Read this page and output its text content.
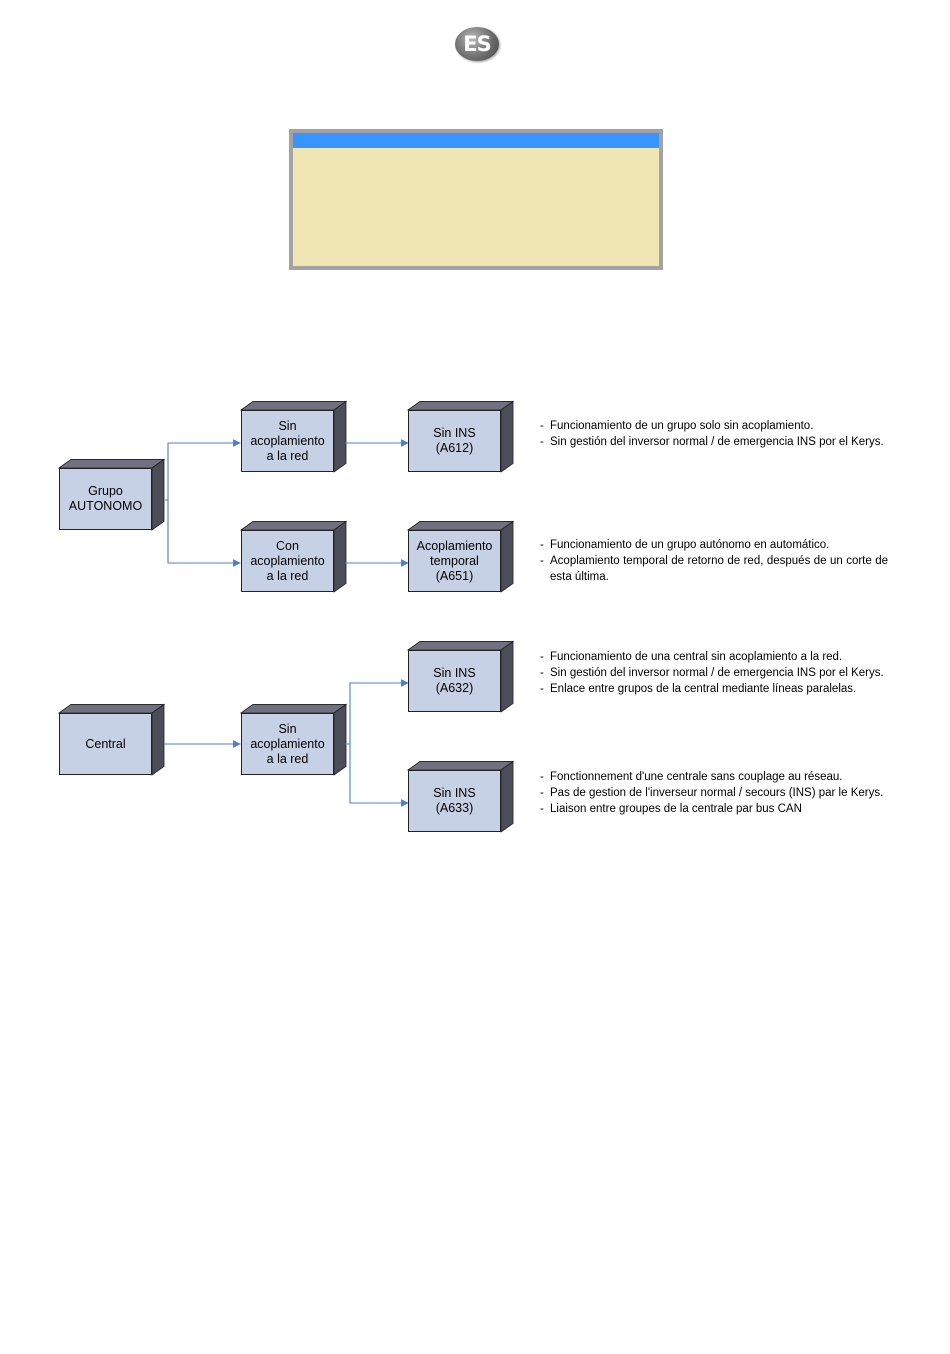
ES
Grupo
AUTONOMO
Sin
acoplamiento
a la red
Con
acoplamiento
a la red
Sin INS
(A612)
Acoplamiento
temporal
(A651)
Central
Sin
acoplamiento
a la red
Sin INS
(A632)
Sin INS
(A633)
- Funcionamiento de un grupo solo sin acoplamiento.
- Sin gestión del inversor normal / de emergencia INS por el Kerys.
- Funcionamiento de un grupo autónomo en automático.
- Acoplamiento temporal de retorno de red, después de un corte de esta última.
- Funcionamiento de una central sin acoplamiento a la red.
- Sin gestión del inversor normal / de emergencia INS por el Kerys.
- Enlace entre grupos de la central mediante líneas paralelas.
- Fonctionnement d'une centrale sans couplage au réseau.
- Pas de gestion de l'inverseur normal / secours (INS) par le Kerys.
- Liaison entre groupes de la centrale par bus CAN
